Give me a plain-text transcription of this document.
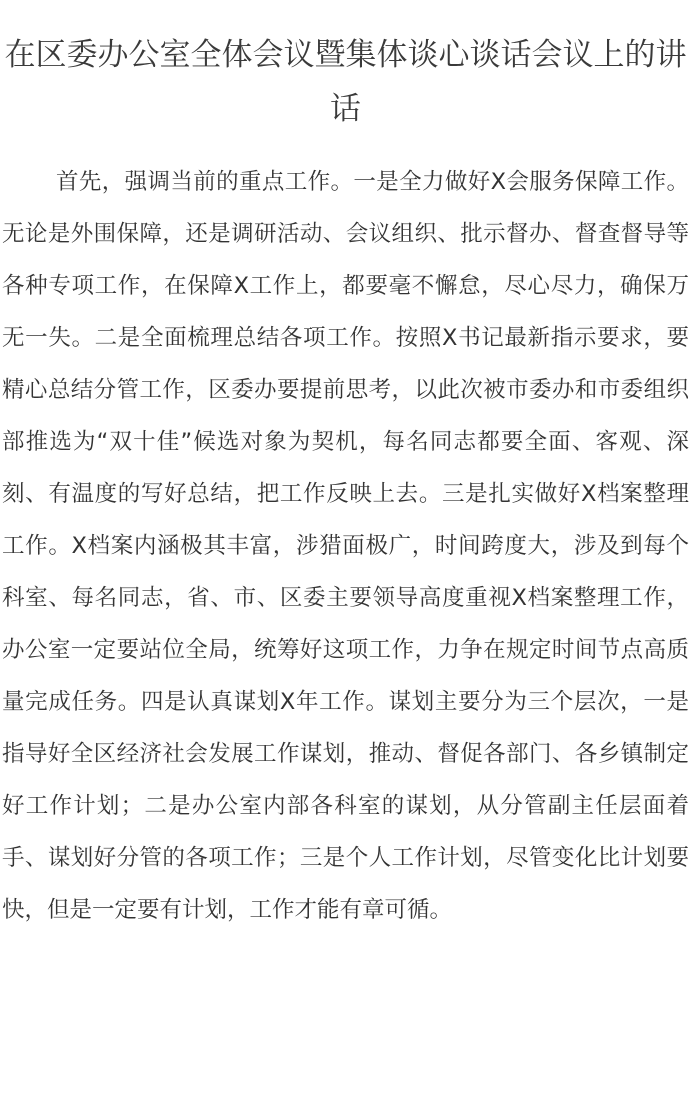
在区委办公室全体会议暨集体谈心谈话会议上的讲话

首先，强调当前的重点工作。一是全力做好X会服务保障工作。无论是外围保障，还是调研活动、会议组织、批示督办、督查督导等各种专项工作，在保障X工作上，都要毫不懈怠，尽心尽力，确保万无一失。二是全面梳理总结各项工作。按照X书记最新指示要求，要精心总结分管工作，区委办要提前思考，以此次被市委办和市委组织部推选为“双十佳”候选对象为契机，每名同志都要全面、客观、深刻、有温度的写好总结，把工作反映上去。三是扎实做好X档案整理工作。X档案内涵极其丰富，涉猎面极广，时间跨度大，涉及到每个科室、每名同志，省、市、区委主要领导高度重视X档案整理工作，办公室一定要站位全局，统筹好这项工作，力争在规定时间节点高质量完成任务。四是认真谋划X年工作。谋划主要分为三个层次，一是指导好全区经济社会发展工作谋划，推动、督促各部门、各乡镇制定好工作计划；二是办公室内部各科室的谋划，从分管副主任层面着手、谋划好分管的各项工作；三是个人工作计划，尽管变化比计划要快，但是一定要有计划，工作才能有章可循。
